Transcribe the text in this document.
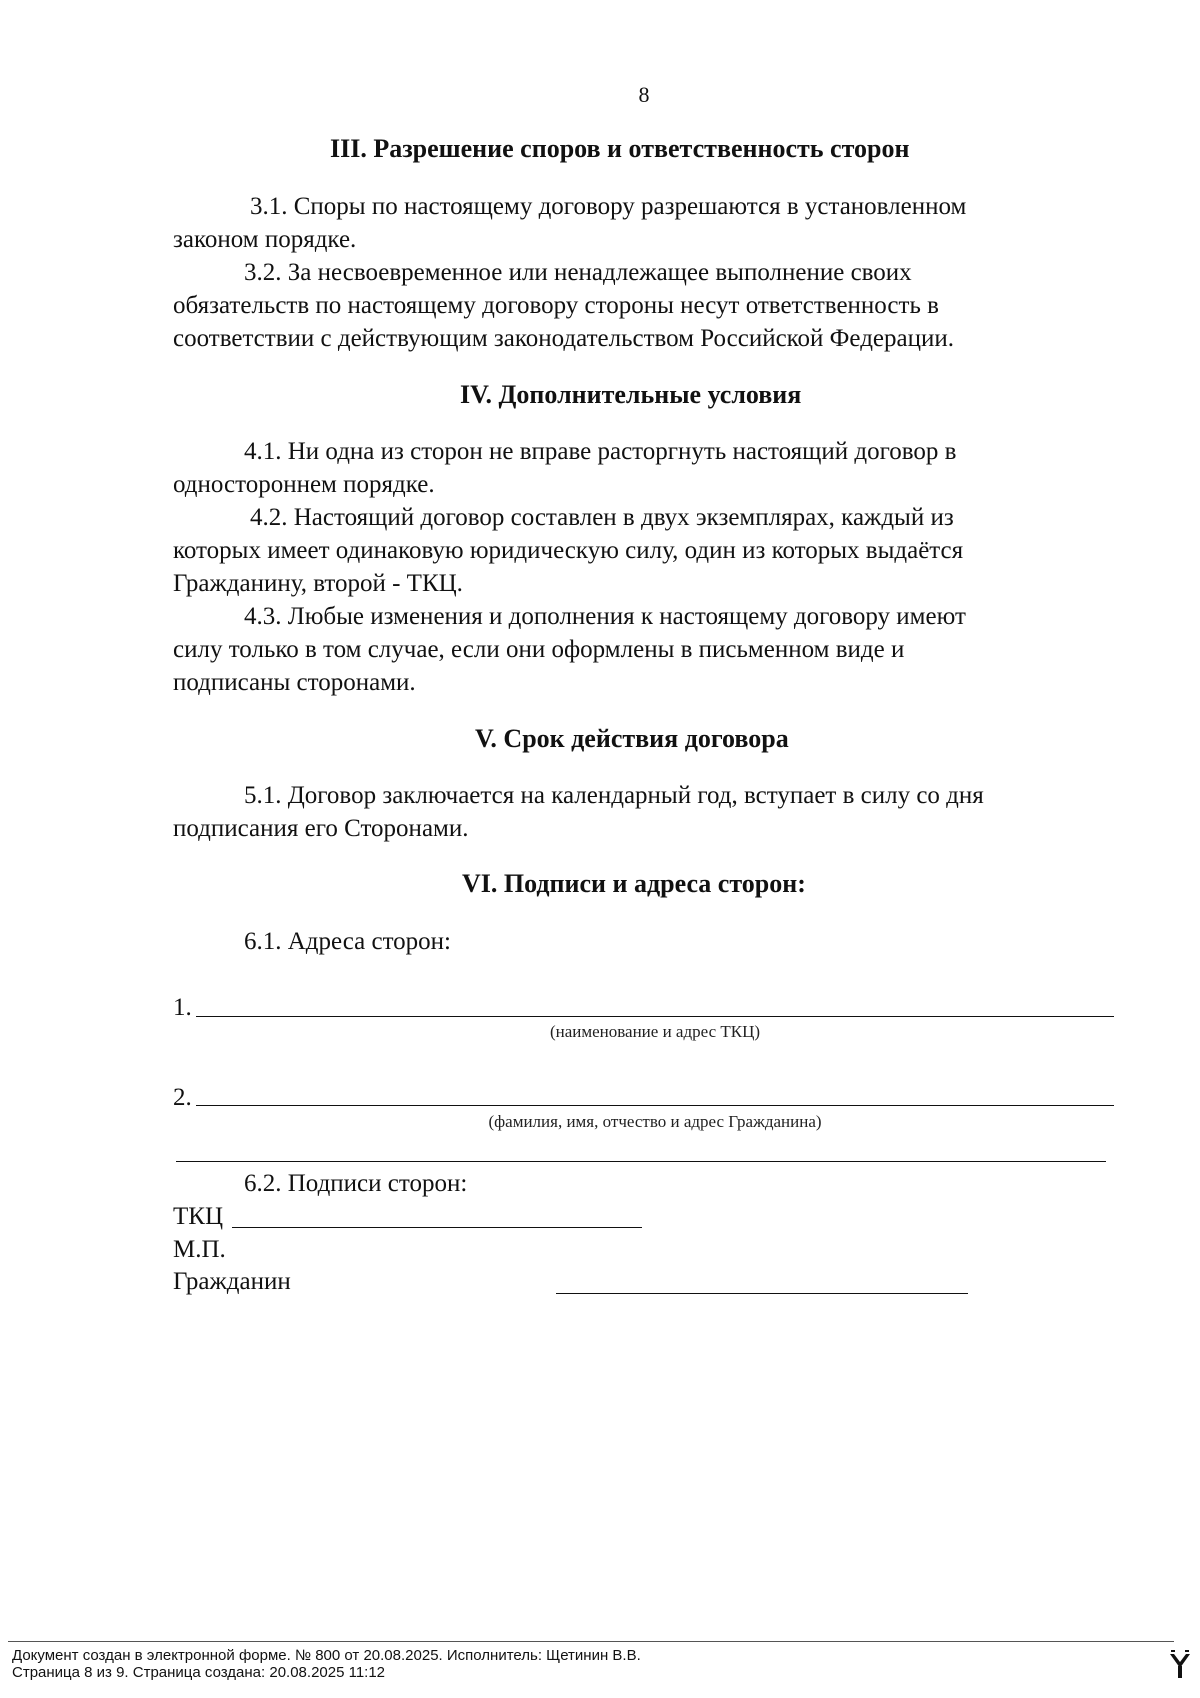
8
III. Разрешение споров и ответственность сторон
3.1. Споры по настоящему договору разрешаются в установленном
законом порядке.
3.2. За несвоевременное или ненадлежащее выполнение своих
обязательств по настоящему договору стороны несут ответственность в
соответствии с действующим законодательством Российской Федерации.
IV. Дополнительные условия
4.1. Ни одна из сторон не вправе расторгнуть настоящий договор в
одностороннем порядке.
4.2. Настоящий договор составлен в двух экземплярах, каждый из
которых имеет одинаковую юридическую силу, один из которых выдаётся
Гражданину, второй - ТКЦ.
4.3. Любые изменения и дополнения к настоящему договору имеют
силу только в том случае, если они оформлены в письменном виде и
подписаны сторонами.
V. Срок действия договора
5.1. Договор заключается на календарный год, вступает в силу со дня
подписания его Сторонами.
VI. Подписи и адреса сторон:
6.1. Адреса сторон:
1.
(наименование и адрес ТКЦ)
2.
(фамилия, имя, отчество и адрес Гражданина)
6.2. Подписи сторон:
ТКЦ
М.П.
Гражданин
Документ создан в электронной форме. № 800 от 20.08.2025. Исполнитель: Щетинин В.В.
Страница 8 из 9. Страница создана: 20.08.2025 11:12
